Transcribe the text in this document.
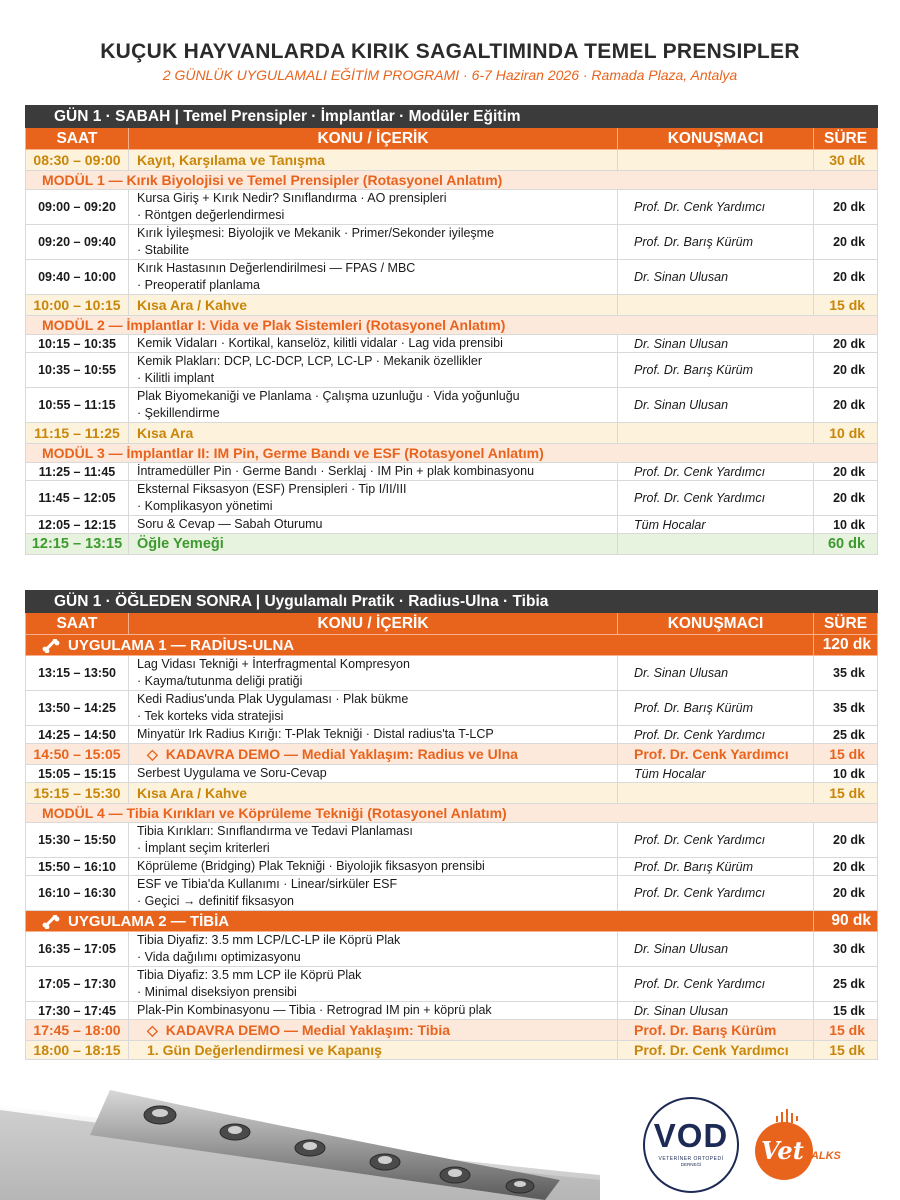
KUÇUK HAYVANLARDA KIRIK SAGALTIMINDA TEMEL PRENSIPLER
2 GÜNLÜK UYGULAMALI EĞİTİM PROGRAMI · 6-7 Haziran 2026 · Ramada Plaza, Antalya
GÜN 1 · SABAH | Temel Prensipler · İmplantlar · Modüler Eğitim			
SAAT	KONU / İÇERİK	KONUŞMACI	SÜRE
08:30 – 09:00	Kayıt, Karşılama ve Tanışma		30 dk
MODÜL 1 — Kırık Biyolojisi ve Temel Prensipler (Rotasyonel Anlatım)			
09:00 – 09:20	Kursa Giriş + Kırık Nedir? Sınıflandırma · AO prensipleri
· Röntgen değerlendirmesi	Prof. Dr. Cenk Yardımcı	20 dk
09:20 – 09:40	Kırık İyileşmesi: Biyolojik ve Mekanik · Primer/Sekonder iyileşme
· Stabilite	Prof. Dr. Barış Kürüm	20 dk
09:40 – 10:00	Kırık Hastasının Değerlendirilmesi — FPAS / MBC
· Preoperatif planlama	Dr. Sinan Ulusan	20 dk
10:00 – 10:15	Kısa Ara / Kahve		15 dk
MODÜL 2 — İmplantlar I: Vida ve Plak Sistemleri (Rotasyonel Anlatım)			
10:15 – 10:35	Kemik Vidaları · Kortikal, kanselöz, kilitli vidalar · Lag vida prensibi	Dr. Sinan Ulusan	20 dk
10:35 – 10:55	Kemik Plakları: DCP, LC-DCP, LCP, LC-LP · Mekanik özellikler
· Kilitli implant	Prof. Dr. Barış Kürüm	20 dk
10:55 – 11:15	Plak Biyomekaniği ve Planlama · Çalışma uzunluğu · Vida yoğunluğu
· Şekillendirme	Dr. Sinan Ulusan	20 dk
11:15 – 11:25	Kısa Ara		10 dk
MODÜL 3 — İmplantlar II: IM Pin, Germe Bandı ve ESF (Rotasyonel Anlatım)			
11:25 – 11:45	İntramedüller Pin · Germe Bandı · Serklaj · IM Pin + plak kombinasyonu	Prof. Dr. Cenk Yardımcı	20 dk
11:45 – 12:05	Eksternal Fiksasyon (ESF) Prensipleri · Tip I/II/III
· Komplikasyon yönetimi	Prof. Dr. Cenk Yardımcı	20 dk
12:05 – 12:15	Soru & Cevap — Sabah Oturumu	Tüm Hocalar	10 dk
12:15 – 13:15	Öğle Yemeği		60 dk
GÜN 1 · ÖĞLEDEN SONRA | Uygulamalı Pratik · Radius-Ulna · Tibia			
SAAT	KONU / İÇERİK	KONUŞMACI	SÜRE
UYGULAMA 1 — RADİUS-ULNA			120 dk
13:15 – 13:50	Lag Vidası Tekniği + İnterfragmental Kompresyon
· Kayma/tutunma deliği pratiği	Dr. Sinan Ulusan	35 dk
13:50 – 14:25	Kedi Radius'unda Plak Uygulaması · Plak bükme
· Tek korteks vida stratejisi	Prof. Dr. Barış Kürüm	35 dk
14:25 – 14:50	Minyatür Irk Radius Kırığı: T-Plak Tekniği · Distal radius'ta T-LCP	Prof. Dr. Cenk Yardımcı	25 dk
14:50 – 15:05	◇ KADAVRA DEMO — Medial Yaklaşım: Radius ve Ulna	Prof. Dr. Cenk Yardımcı	15 dk
15:05 – 15:15	Serbest Uygulama ve Soru-Cevap	Tüm Hocalar	10 dk
15:15 – 15:30	Kısa Ara / Kahve		15 dk
MODÜL 4 — Tibia Kırıkları ve Köprüleme Tekniği (Rotasyonel Anlatım)			
15:30 – 15:50	Tibia Kırıkları: Sınıflandırma ve Tedavi Planlaması
· İmplant seçim kriterleri	Prof. Dr. Cenk Yardımcı	20 dk
15:50 – 16:10	Köprüleme (Bridging) Plak Tekniği · Biyolojik fiksasyon prensibi	Prof. Dr. Barış Kürüm	20 dk
16:10 – 16:30	ESF ve Tibia'da Kullanımı · Linear/sirküler ESF
· Geçici → definitif fiksasyon	Prof. Dr. Cenk Yardımcı	20 dk
UYGULAMA 2 — TİBİA			90 dk
16:35 – 17:05	Tibia Diyafiz: 3.5 mm LCP/LC-LP ile Köprü Plak
· Vida dağılımı optimizasyonu	Dr. Sinan Ulusan	30 dk
17:05 – 17:30	Tibia Diyafiz: 3.5 mm LCP ile Köprü Plak
· Minimal diseksiyon prensibi	Prof. Dr. Cenk Yardımcı	25 dk
17:30 – 17:45	Plak-Pin Kombinasyonu — Tibia · Retrograd IM pin + köprü plak	Dr. Sinan Ulusan	15 dk
17:45 – 18:00	◇ KADAVRA DEMO — Medial Yaklaşım: Tibia	Prof. Dr. Barış Kürüm	15 dk
18:00 – 18:15	1. Gün Değerlendirmesi ve Kapanış	Prof. Dr. Cenk Yardımcı	15 dk
VOD
VETERİNER ORTOPEDİ
DERNEĞİ	Vet TALKS
